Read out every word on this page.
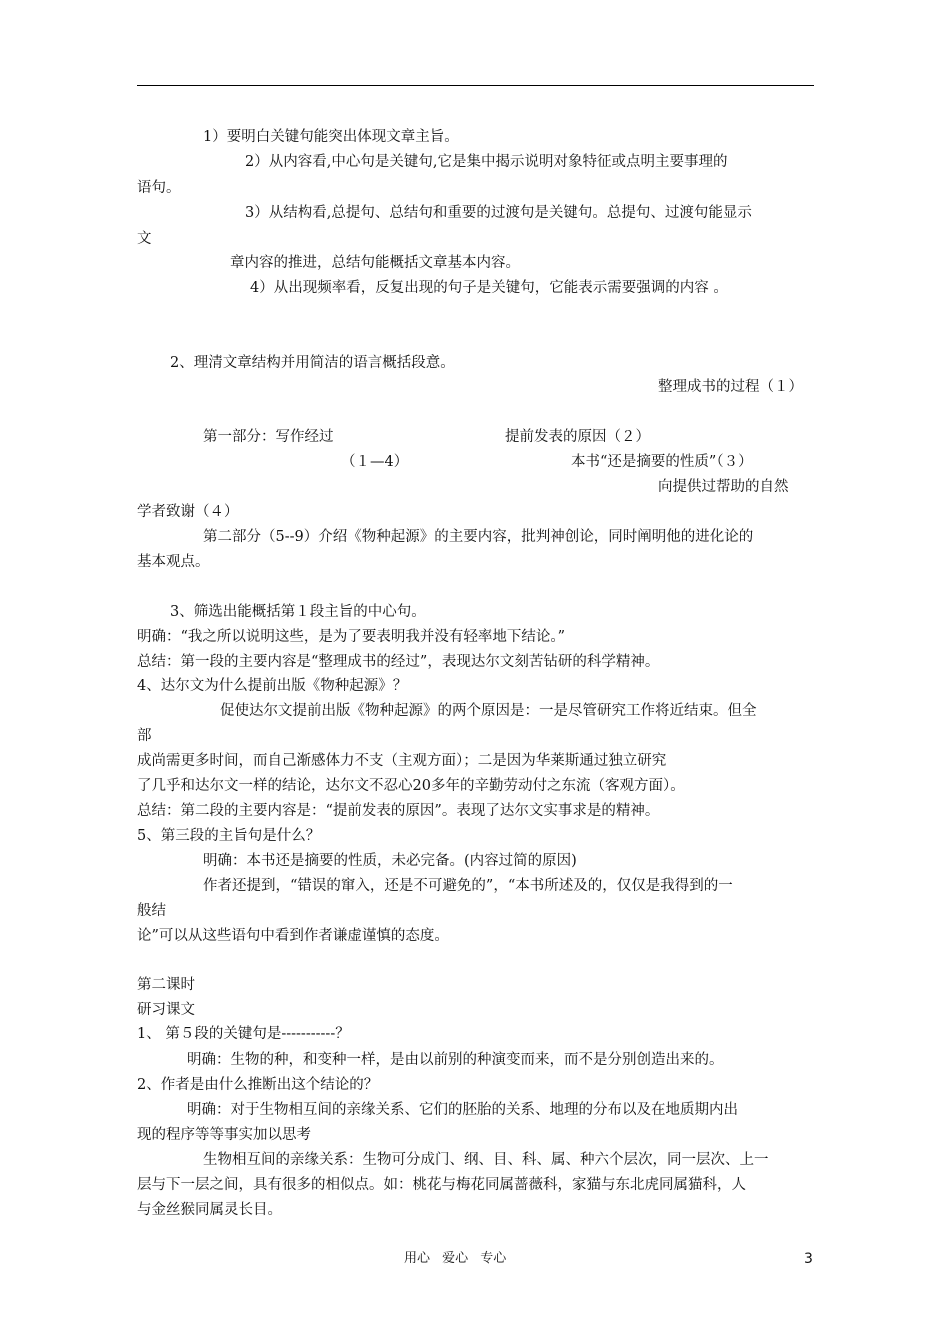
1）要明白关键句能突出体现文章主旨。
2）从内容看,中心句是关键句,它是集中揭示说明对象特征或点明主要事理的
语句。
3）从结构看,总提句、总结句和重要的过渡句是关键句。总提句、过渡句能显示
文
章内容的推进，总结句能概括文章基本内容。
4）从出现频率看，反复出现的句子是关键句，它能表示需要强调的内容 。
2、理清文章结构并用简洁的语言概括段意。
整理成书的过程（１）
第一部分：写作经过	提前发表的原因（２）
（１—4）	本书“还是摘要的性质”（３）
向提供过帮助的自然
学者致谢（４）
第二部分（5--9）介绍《物种起源》的主要内容，批判神创论，同时阐明他的进化论的
基本观点。
3、筛选出能概括第１段主旨的中心句。
明确：“我之所以说明这些，是为了要表明我并没有轻率地下结论。”
总结：第一段的主要内容是“整理成书的经过”，表现达尔文刻苦钻研的科学精神。
4、达尔文为什么提前出版《物种起源》？
促使达尔文提前出版《物种起源》的两个原因是：一是尽管研究工作将近结束。但全
部
成尚需更多时间，而自己渐感体力不支（主观方面）；二是因为华莱斯通过独立研究
了几乎和达尔文一样的结论，达尔文不忍心20多年的辛勤劳动付之东流（客观方面）。
总结：第二段的主要内容是：“提前发表的原因”。表现了达尔文实事求是的精神。
5、第三段的主旨句是什么？
明确：本书还是摘要的性质，未必完备。(内容过简的原因)
作者还提到，“错误的窜入，还是不可避免的”，“本书所述及的，仅仅是我得到的一
般结
论”可以从这些语句中看到作者谦虚谨慎的态度。
第二课时
研习课文
1、 第５段的关键句是-----------？
明确：生物的种，和变种一样，是由以前别的种演变而来，而不是分别创造出来的。
2、作者是由什么推断出这个结论的？
明确：对于生物相互间的亲缘关系、它们的胚胎的关系、地理的分布以及在地质期内出
现的程序等等事实加以思考
生物相互间的亲缘关系：生物可分成门、纲、目、科、属、种六个层次，同一层次、上一
层与下一层之间，具有很多的相似点。如：桃花与梅花同属蔷薇科，家猫与东北虎同属猫科，人
与金丝猴同属灵长目。
用心 爱心 专心	3
